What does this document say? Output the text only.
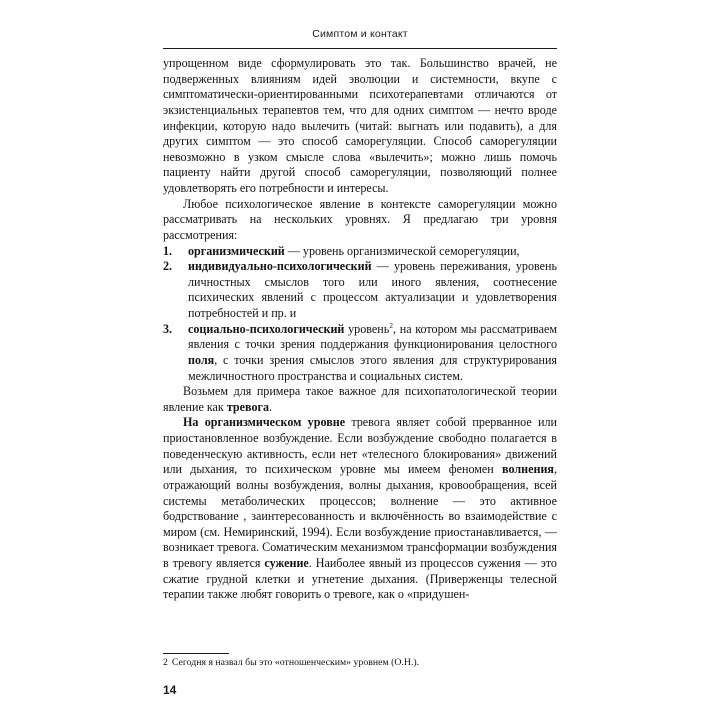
Симптом и контакт

упрощенном виде сформулировать это так. Большинство врачей, не подверженных влияниям идей эволюции и системности, вкупе с симптоматически-ориентированными психотерапевтами отличаются от экзистенциальных терапевтов тем, что для одних симптом — нечто вроде инфекции, которую надо вылечить (читай: выгнать или подавить), а для других симптом — это способ саморегуляции. Способ саморегуляции невозможно в узком смысле слова «вылечить»; можно лишь помочь пациенту найти другой способ саморегуляции, позволяющий полнее удовлетворять его потребности и интересы.

Любое психологическое явление в контексте саморегуляции можно рассматривать на нескольких уровнях. Я предлагаю три уровня рассмотрения:

1. организмический — уровень организмической семорегуляции,
2. индивидуально-психологический — уровень переживания, уровень личностных смыслов того или иного явления, соотнесение психических явлений с процессом актуализации и удовлетворения потребностей и пр. и
3. социально-психологический уровень$^2$, на котором мы рассматриваем явления с точки зрения поддержания функционирования целостного поля, с точки зрения смыслов этого явления для структурирования межличностного пространства и социальных систем.

Возьмем для примера такое важное для психопатологической теории явление как тревога.

На организмическом уровне тревога являет собой прерванное или приостановленное возбуждение. Если возбуждение свободно полагается в поведенческую активность, если нет «телесного блокирования» движений или дыхания, то психическом уровне мы имеем феномен волнения, отражающий волны возбуждения, волны дыхания, кровообращения, всей системы метаболических процессов; волнение — это активное бодрствование , заинтересованность и включённость во взаимодействие с миром (см. Немиринский, 1994). Если возбуждение приостанавливается, — возникает тревога. Соматическим механизмом трансформации возбуждения в тревогу является сужение. Наиболее явный из процессов сужения — это сжатие грудной клетки и угнетение дыхания. (Приверженцы телесной терапии также любят говорить о тревоге, как о «придушен-

2 Сегодня я назвал бы это «отношенческим» уровнем (О.Н.).
14
